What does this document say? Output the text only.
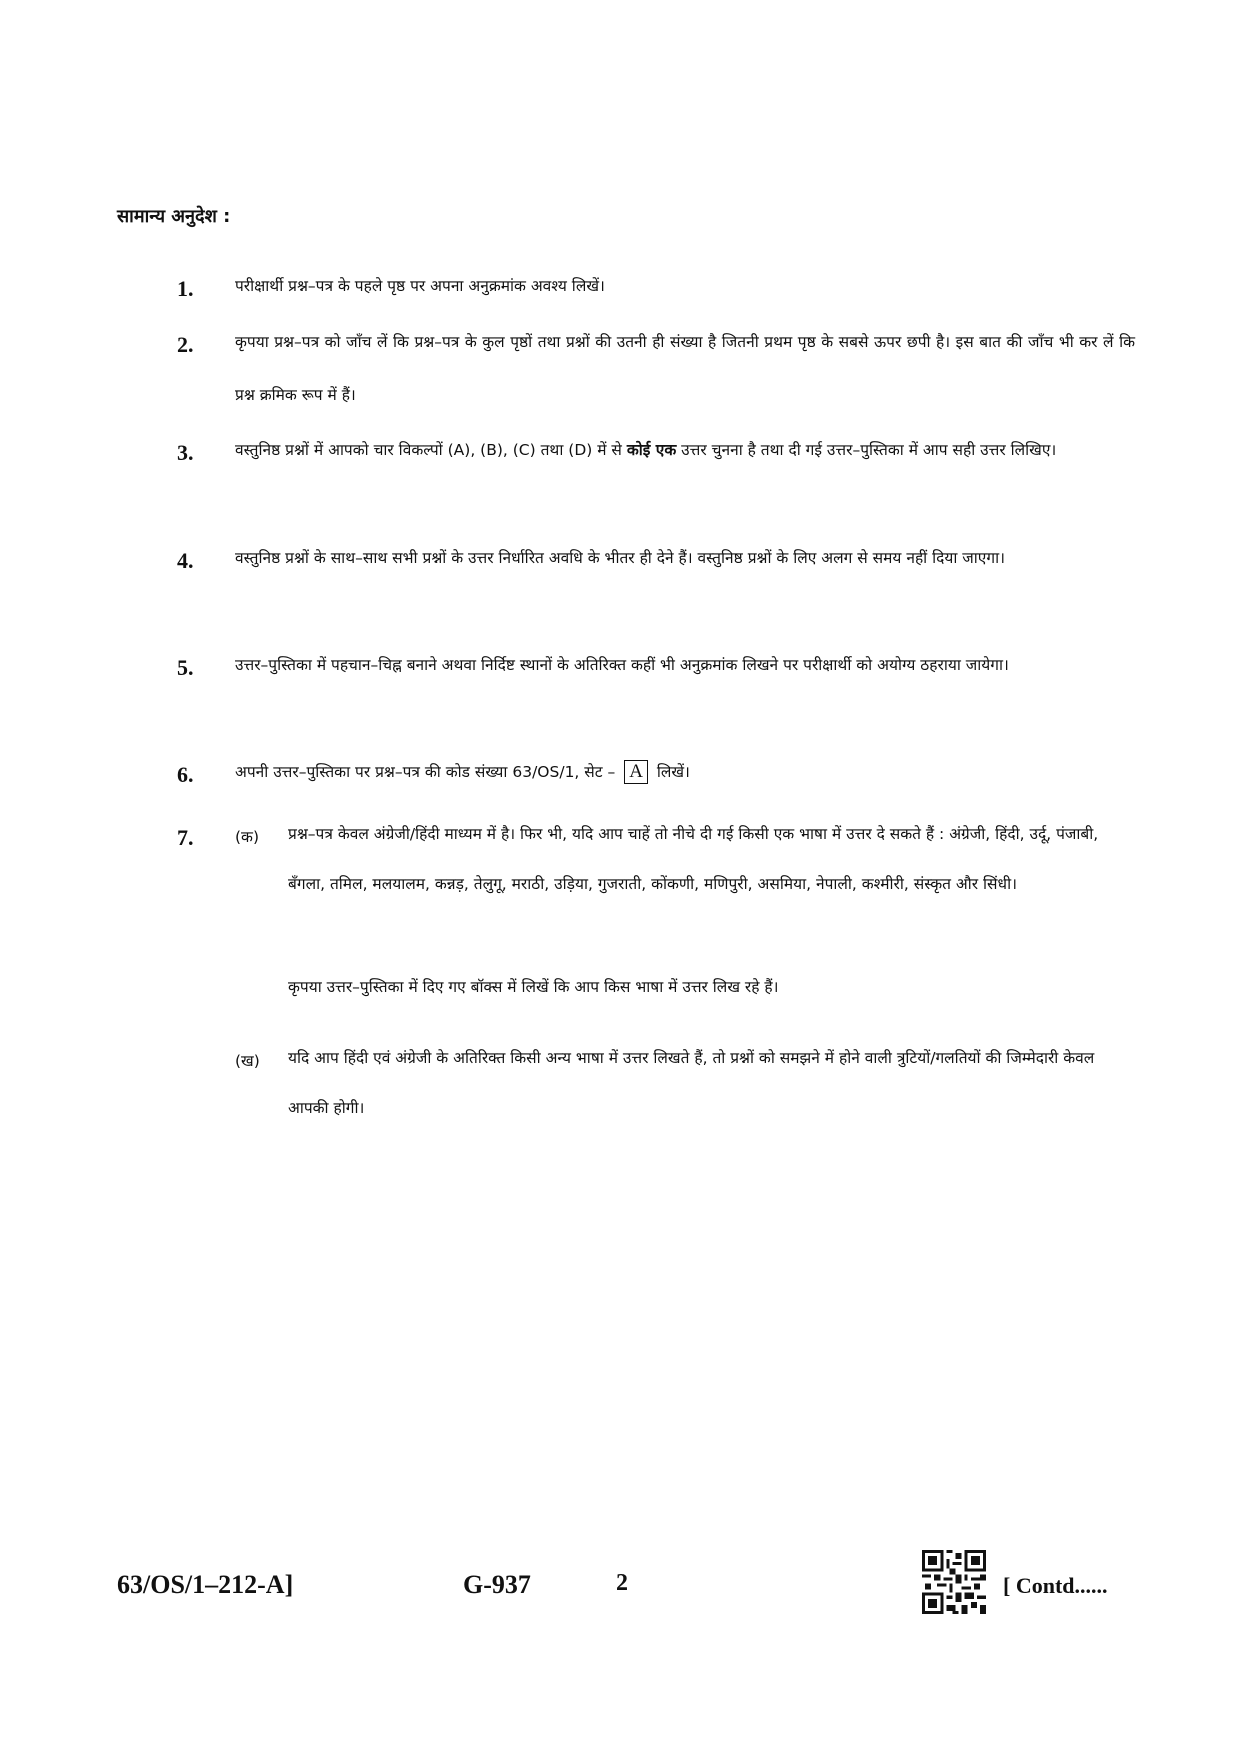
सामान्य अनुदेश :
1.	परीक्षार्थी प्रश्न–पत्र के पहले पृष्ठ पर अपना अनुक्रमांक अवश्य लिखें।
2.	कृपया प्रश्न–पत्र को जाँच लें कि प्रश्न–पत्र के कुल पृष्ठों तथा प्रश्नों की उतनी ही संख्या है जितनी प्रथम पृष्ठ के सबसे ऊपर छपी है। इस बात की जाँच भी कर लें कि प्रश्न क्रमिक रूप में हैं।
3.	वस्तुनिष्ठ प्रश्नों में आपको चार विकल्पों (A), (B), (C) तथा (D) में से कोई एक उत्तर चुनना है तथा दी गई उत्तर–पुस्तिका में आप सही उत्तर लिखिए।
4.	वस्तुनिष्ठ प्रश्नों के साथ–साथ सभी प्रश्नों के उत्तर निर्धारित अवधि के भीतर ही देने हैं। वस्तुनिष्ठ प्रश्नों के लिए अलग से समय नहीं दिया जाएगा।
5.	उत्तर–पुस्तिका में पहचान–चिह्न बनाने अथवा निर्दिष्ट स्थानों के अतिरिक्त कहीं भी अनुक्रमांक लिखने पर परीक्षार्थी को अयोग्य ठहराया जायेगा।
6.	अपनी उत्तर–पुस्तिका पर प्रश्न–पत्र की कोड संख्या 63/OS/1, सेट – A लिखें।
7.	(क) प्रश्न–पत्र केवल अंग्रेजी/हिंदी माध्यम में है। फिर भी, यदि आप चाहें तो नीचे दी गई किसी एक भाषा में उत्तर दे सकते हैं : अंग्रेजी, हिंदी, उर्दू, पंजाबी, बँगला, तमिल, मलयालम, कन्नड़, तेलुगू, मराठी, उड़िया, गुजराती, कोंकणी, मणिपुरी, असमिया, नेपाली, कश्मीरी, संस्कृत और सिंधी।
कृपया उत्तर–पुस्तिका में दिए गए बॉक्स में लिखें कि आप किस भाषा में उत्तर लिख रहे हैं।
(ख) यदि आप हिंदी एवं अंग्रेजी के अतिरिक्त किसी अन्य भाषा में उत्तर लिखते हैं, तो प्रश्नों को समझने में होने वाली त्रुटियों/गलतियों की जिम्मेदारी केवल आपकी होगी।
63/OS/1–212-A]	G-937	2	[ Contd......
